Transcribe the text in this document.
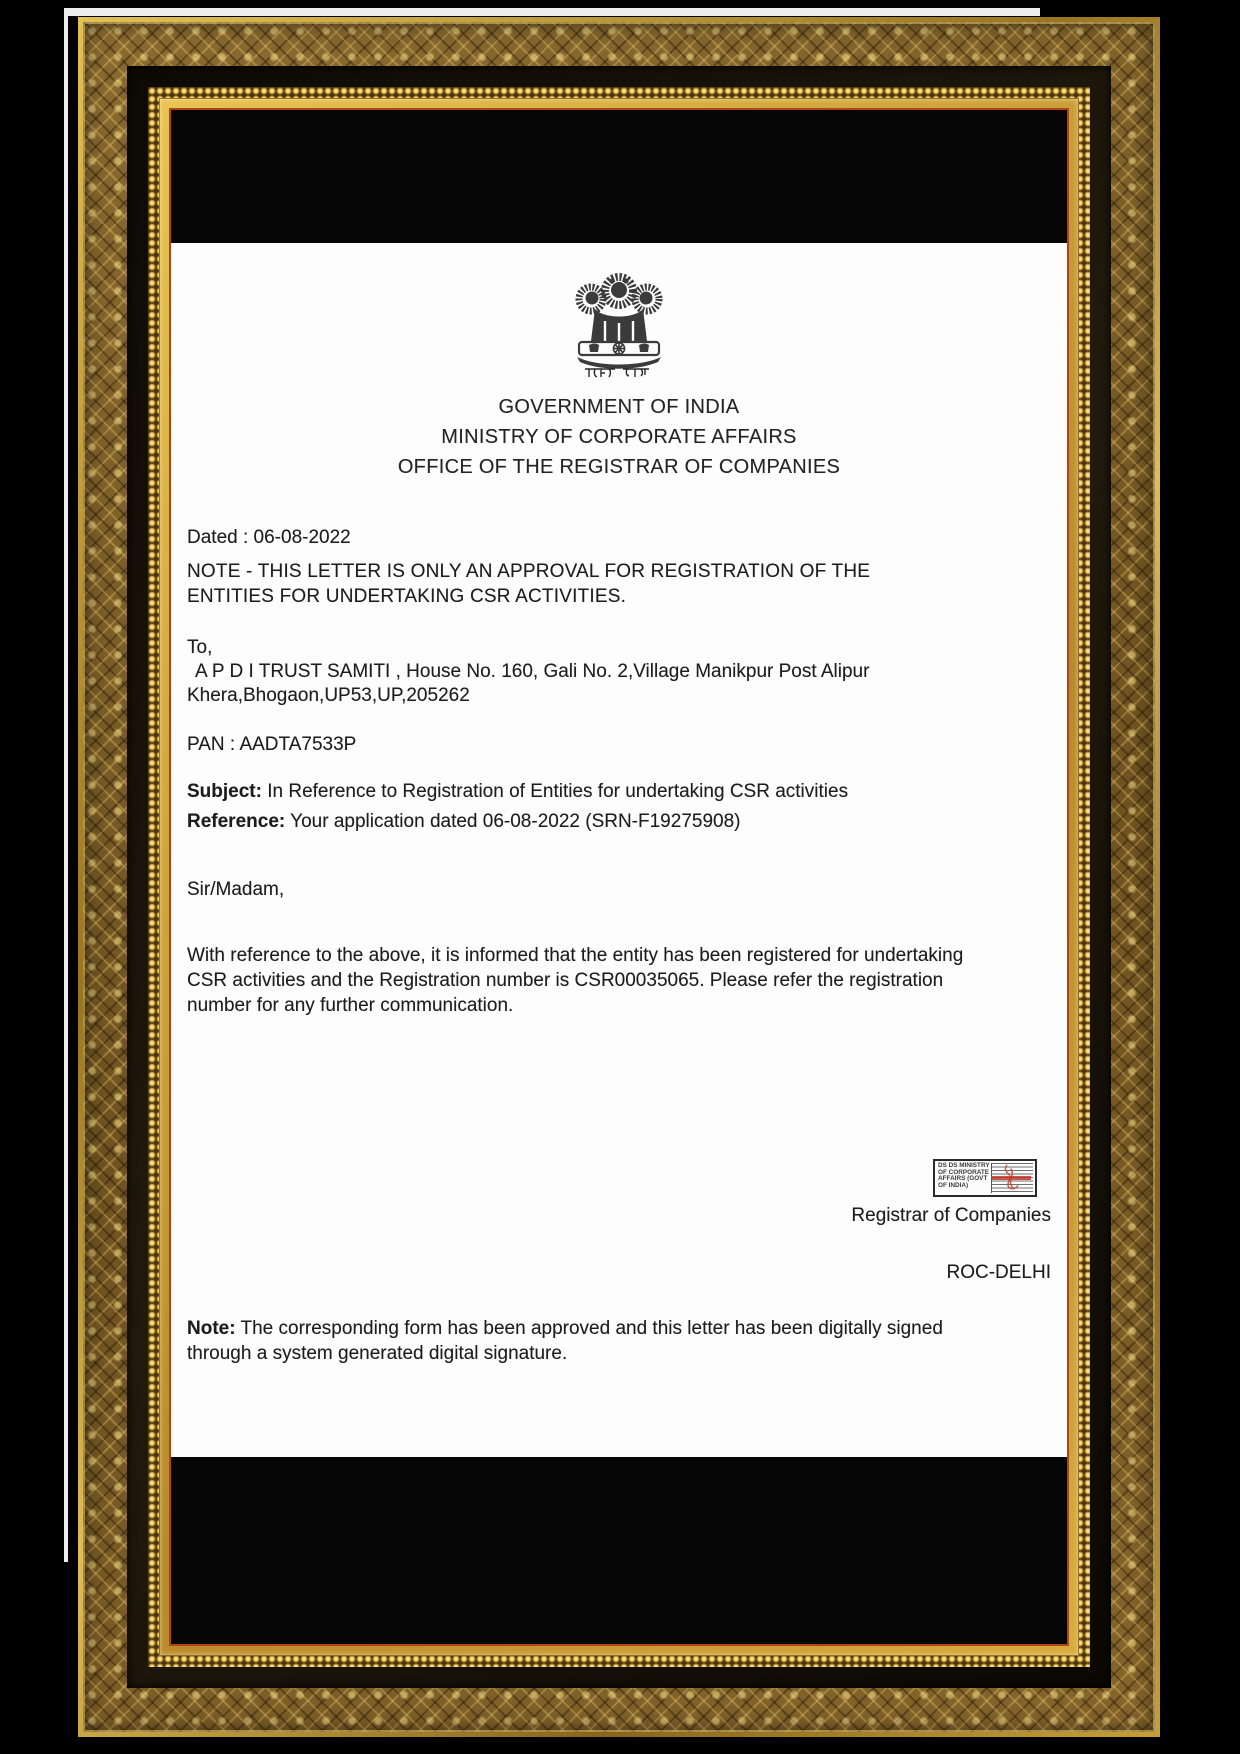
GOVERNMENT OF INDIA
MINISTRY OF CORPORATE AFFAIRS
OFFICE OF THE REGISTRAR OF COMPANIES
Dated : 06-08-2022
NOTE - THIS LETTER IS ONLY AN APPROVAL FOR REGISTRATION OF THE
ENTITIES FOR UNDERTAKING CSR ACTIVITIES.
To,
A P D I TRUST SAMITI , House No. 160, Gali No. 2,Village Manikpur Post Alipur
Khera,Bhogaon,UP53,UP,205262
PAN : AADTA7533P
Subject: In Reference to Registration of Entities for undertaking CSR activities
Reference: Your application dated 06-08-2022 (SRN-F19275908)
Sir/Madam,
With reference to the above, it is informed that the entity has been registered for undertaking
CSR activities and the Registration number is CSR00035065. Please refer the registration
number for any further communication.
DS DS MINISTRY OF CORPORATE AFFAIRS (GOVT OF INDIA)
Registrar of Companies
ROC-DELHI
Note: The corresponding form has been approved and this letter has been digitally signed
through a system generated digital signature.
